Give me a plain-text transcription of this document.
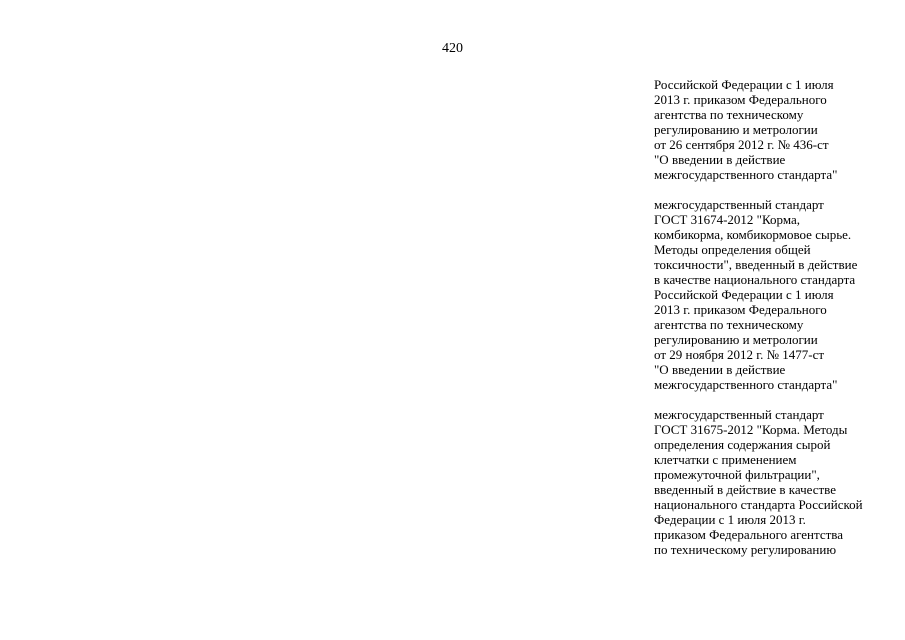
420
Российской Федерации с 1 июля
2013 г. приказом Федерального
агентства по техническому
регулированию и метрологии
от 26 сентября 2012 г. № 436-ст
"О введении в действие
межгосударственного стандарта"
межгосударственный стандарт
ГОСТ 31674-2012 "Корма,
комбикорма, комбикормовое сырье.
Методы определения общей
токсичности", введенный в действие
в качестве национального стандарта
Российской Федерации с 1 июля
2013 г. приказом Федерального
агентства по техническому
регулированию и метрологии
от 29 ноября 2012 г. № 1477-ст
"О введении в действие
межгосударственного стандарта"
межгосударственный стандарт
ГОСТ 31675-2012 "Корма. Методы
определения содержания сырой
клетчатки с применением
промежуточной фильтрации",
введенный в действие в качестве
национального стандарта Российской
Федерации с 1 июля 2013 г.
приказом Федерального агентства
по техническому регулированию
